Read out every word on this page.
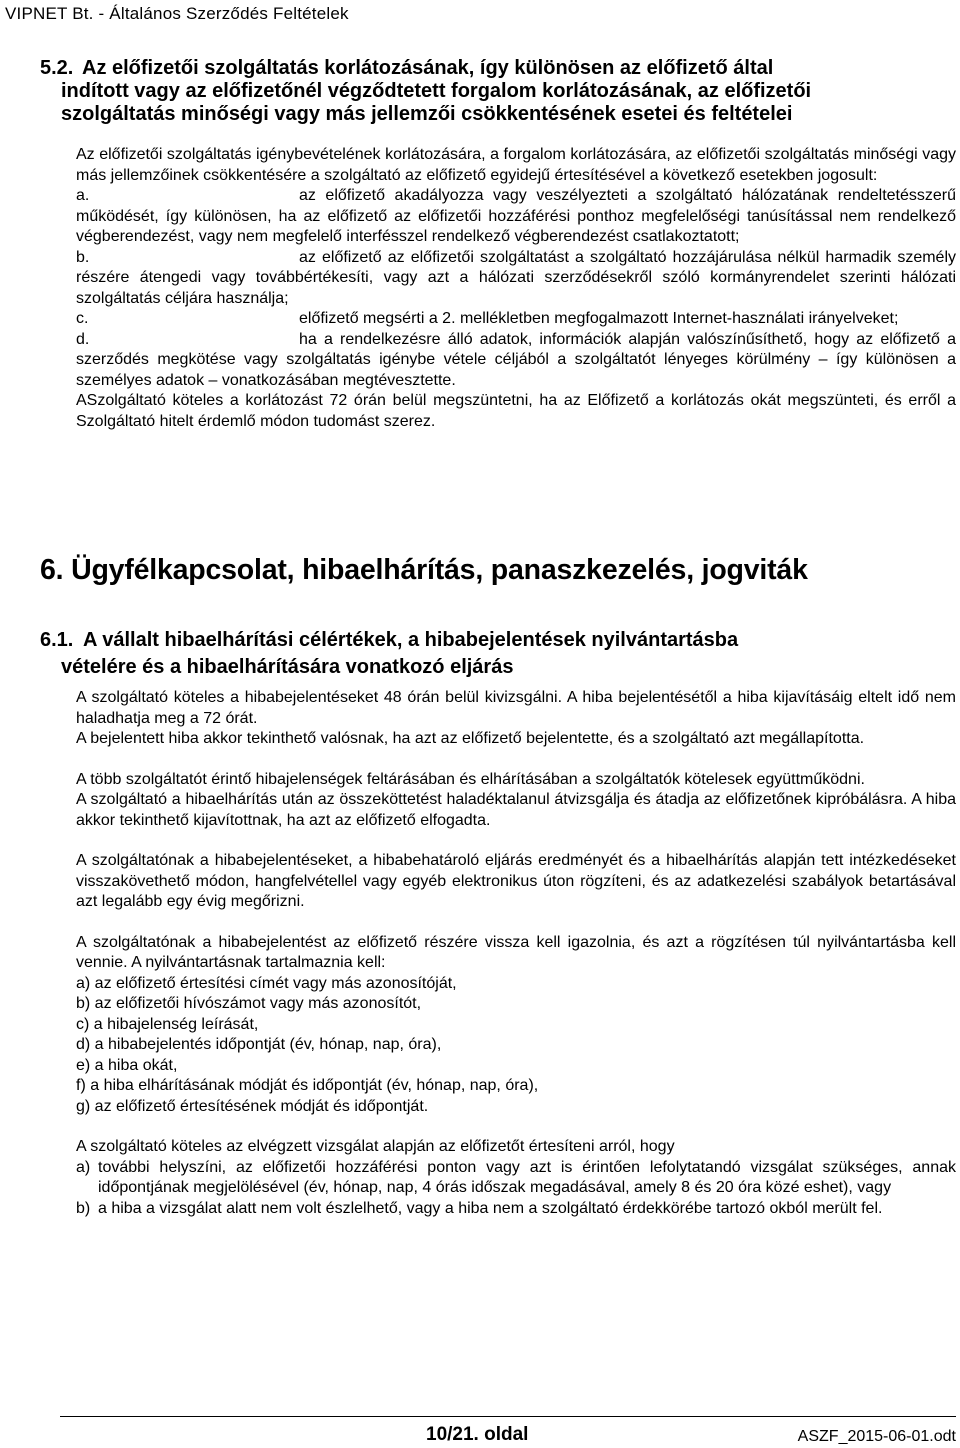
VIPNET Bt. - Általános Szerződés Feltételek
5.2. Az előfizetői szolgáltatás korlátozásának, így különösen az előfizető által
indított vagy az előfizetőnél végződtetett forgalom korlátozásának, az előfizetői szolgáltatás minőségi vagy más jellemzői csökkentésének esetei és feltételei

Az előfizetői szolgáltatás igénybevételének korlátozására, a forgalom korlátozására, az előfizetői szolgáltatás minőségi vagy más jellemzőinek csökkentésére a szolgáltató az előfizető egyidejű értesítésével a következő esetekben jogosult:

a.	az előfizető akadályozza vagy veszélyezteti a szolgáltató hálózatának rendeltetésszerű működését, így különösen, ha az előfizető az előfizetői hozzáférési ponthoz megfelelőségi tanúsítással nem rendelkező végberendezést, vagy nem megfelelő interfésszel rendelkező végberendezést csatlakoztatott;

b.	az előfizető az előfizetői szolgáltatást a szolgáltató hozzájárulása nélkül harmadik személy részére átengedi vagy továbbértékesíti, vagy azt a hálózati szerződésekről szóló kormányrendelet szerinti hálózati szolgáltatás céljára használja;

c.	előfizető megsérti a 2. mellékletben megfogalmazott Internet-használati irányelveket;

d.	ha a rendelkezésre álló adatok, információk alapján valószínűsíthető, hogy az előfizető a szerződés megkötése vagy szolgáltatás igénybe vétele céljából a szolgáltatót lényeges körülmény – így különösen a személyes adatok – vonatkozásában megtévesztette.

ASzolgáltató köteles a korlátozást 72 órán belül megszüntetni, ha az Előfizető a korlátozás okát megszünteti, és erről a Szolgáltató hitelt érdemlő módon tudomást szerez.

6. Ügyfélkapcsolat, hibaelhárítás, panaszkezelés, jogviták
6.1. A vállalt hibaelhárítási célértékek, a hibabejelentések nyilvántartásba
vételére és a hibaelhárítására vonatkozó eljárás

A szolgáltató köteles a hibabejelentéseket 48 órán belül kivizsgálni. A hiba bejelentésétől a hiba kijavításáig eltelt idő nem haladhatja meg a 72 órát.

A bejelentett hiba akkor tekinthető valósnak, ha azt az előfizető bejelentette, és a szolgáltató azt megállapította.

A több szolgáltatót érintő hibajelenségek feltárásában és elhárításában a szolgáltatók kötelesek együttműködni.

A szolgáltató a hibaelhárítás után az összeköttetést haladéktalanul átvizsgálja és átadja az előfizetőnek kipróbálásra. A hiba akkor tekinthető kijavítottnak, ha azt az előfizető elfogadta.

A szolgáltatónak a hibabejelentéseket, a hibabehatároló eljárás eredményét és a hibaelhárítás alapján tett intézkedéseket visszakövethető módon, hangfelvétellel vagy egyéb elektronikus úton rögzíteni, és az adatkezelési szabályok betartásával azt legalább egy évig megőrizni.

A szolgáltatónak a hibabejelentést az előfizető részére vissza kell igazolnia, és azt a rögzítésen túl nyilvántartásba kell vennie. A nyilvántartásnak tartalmaznia kell:

a) az előfizető értesítési címét vagy más azonosítóját,

b) az előfizetői hívószámot vagy más azonosítót,

c) a hibajelenség leírását,

d) a hibabejelentés időpontját (év, hónap, nap, óra),

e) a hiba okát,

f) a hiba elhárításának módját és időpontját (év, hónap, nap, óra),

g) az előfizető értesítésének módját és időpontját.

A szolgáltató köteles az elvégzett vizsgálat alapján az előfizetőt értesíteni arról, hogy

a) további helyszíni, az előfizetői hozzáférési ponton vagy azt is érintően lefolytatandó vizsgálat szükséges, annak időpontjának megjelölésével (év, hónap, nap, 4 órás időszak megadásával, amely 8 és 20 óra közé eshet), vagy

b) a hiba a vizsgálat alatt nem volt észlelhető, vagy a hiba nem a szolgáltató érdekkörébe tartozó okból merült fel.

10/21. oldal	ASZF_2015-06-01.odt
